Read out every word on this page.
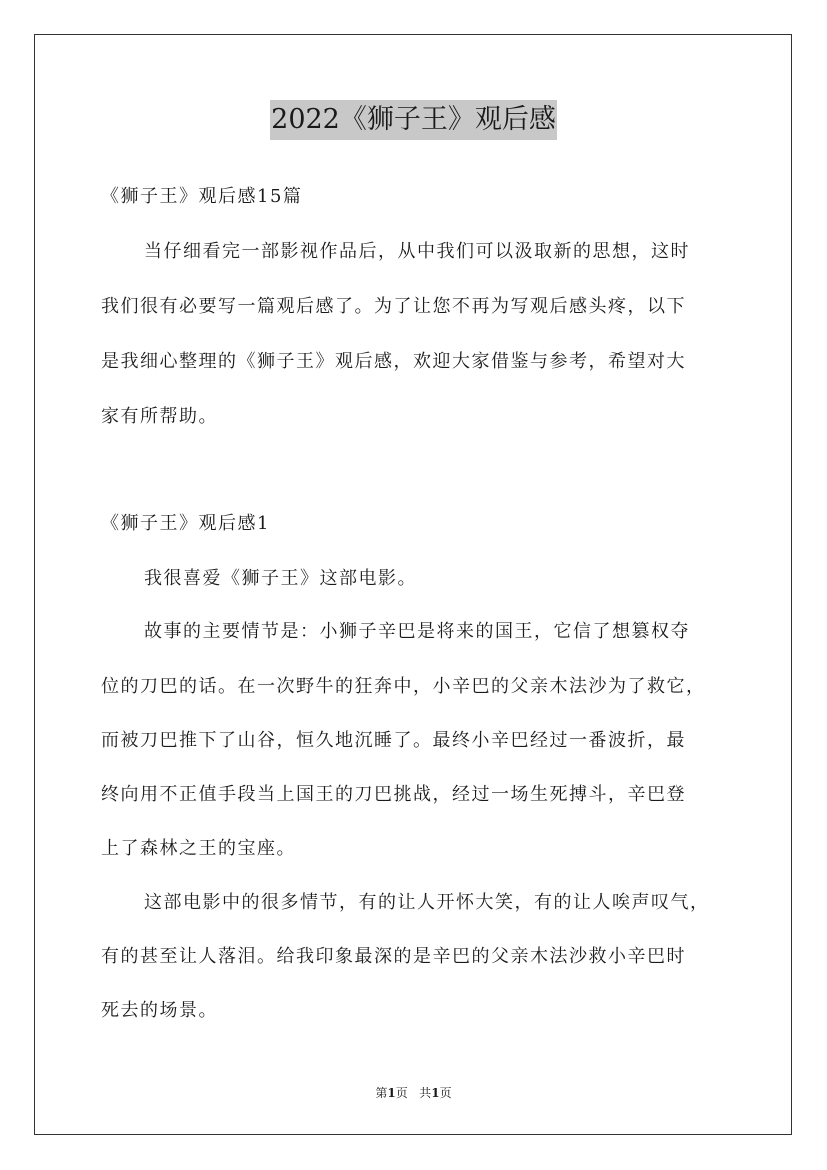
2022《狮子王》观后感
《狮子王》观后感15篇
当仔细看完一部影视作品后，从中我们可以汲取新的思想，这时
我们很有必要写一篇观后感了。为了让您不再为写观后感头疼，以下
是我细心整理的《狮子王》观后感，欢迎大家借鉴与参考，希望对大
家有所帮助。
《狮子王》观后感1
我很喜爱《狮子王》这部电影。
故事的主要情节是：小狮子辛巴是将来的国王，它信了想篡权夺
位的刀巴的话。在一次野牛的狂奔中，小辛巴的父亲木法沙为了救它，
而被刀巴推下了山谷，恒久地沉睡了。最终小辛巴经过一番波折，最
终向用不正值手段当上国王的刀巴挑战，经过一场生死搏斗，辛巴登
上了森林之王的宝座。
这部电影中的很多情节，有的让人开怀大笑，有的让人唉声叹气，
有的甚至让人落泪。给我印象最深的是辛巴的父亲木法沙救小辛巴时
死去的场景。
第1页 共1页
